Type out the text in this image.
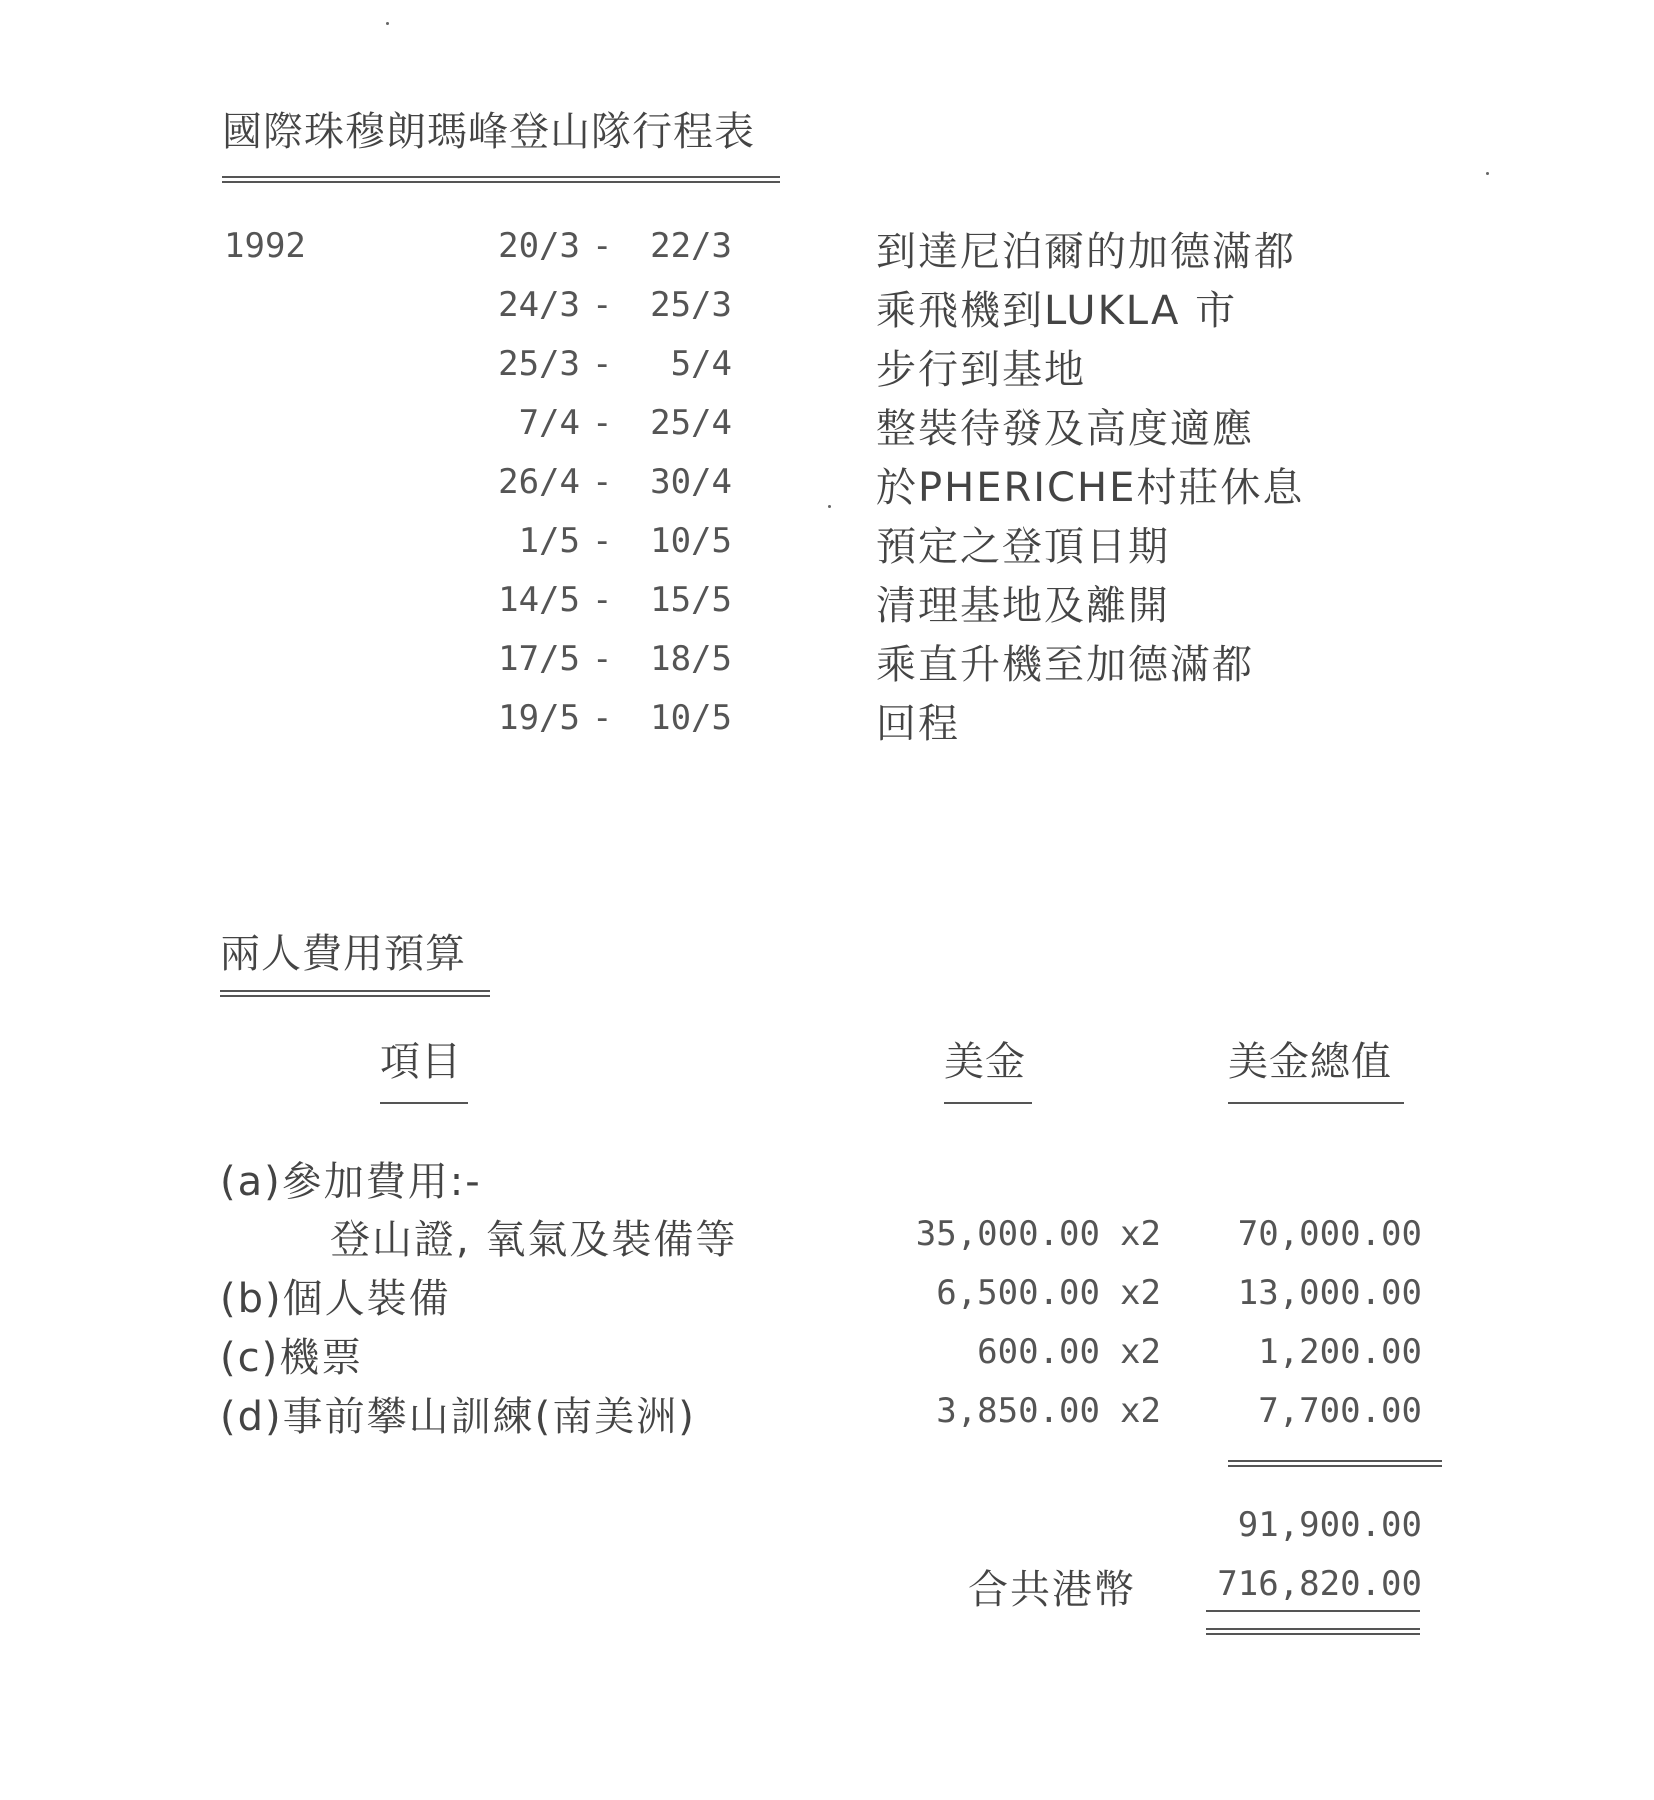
國際珠穆朗瑪峰登山隊行程表
1992	20/3 -	22/3	到達尼泊爾的加德滿都
24/3 -	25/3	乘飛機到LUKLA 市
25/3 -	5/4	步行到基地
7/4 -	25/4	整裝待發及高度適應
26/4 -	30/4	於PHERICHE村莊休息
1/5 -	10/5	預定之登頂日期
14/5 -	15/5	清理基地及離開
17/5 -	18/5	乘直升機至加德滿都
19/5 -	10/5	回程
兩人費用預算
項目	美金	美金總值
(a)參加費用:-
登山證, 氧氣及裝備等	35,000.00 x2	70,000.00
(b)個人裝備	6,500.00 x2	13,000.00
(c)機票	600.00 x2	1,200.00
(d)事前攀山訓練(南美洲)	3,850.00 x2	7,700.00
91,900.00
合共港幣	716,820.00
